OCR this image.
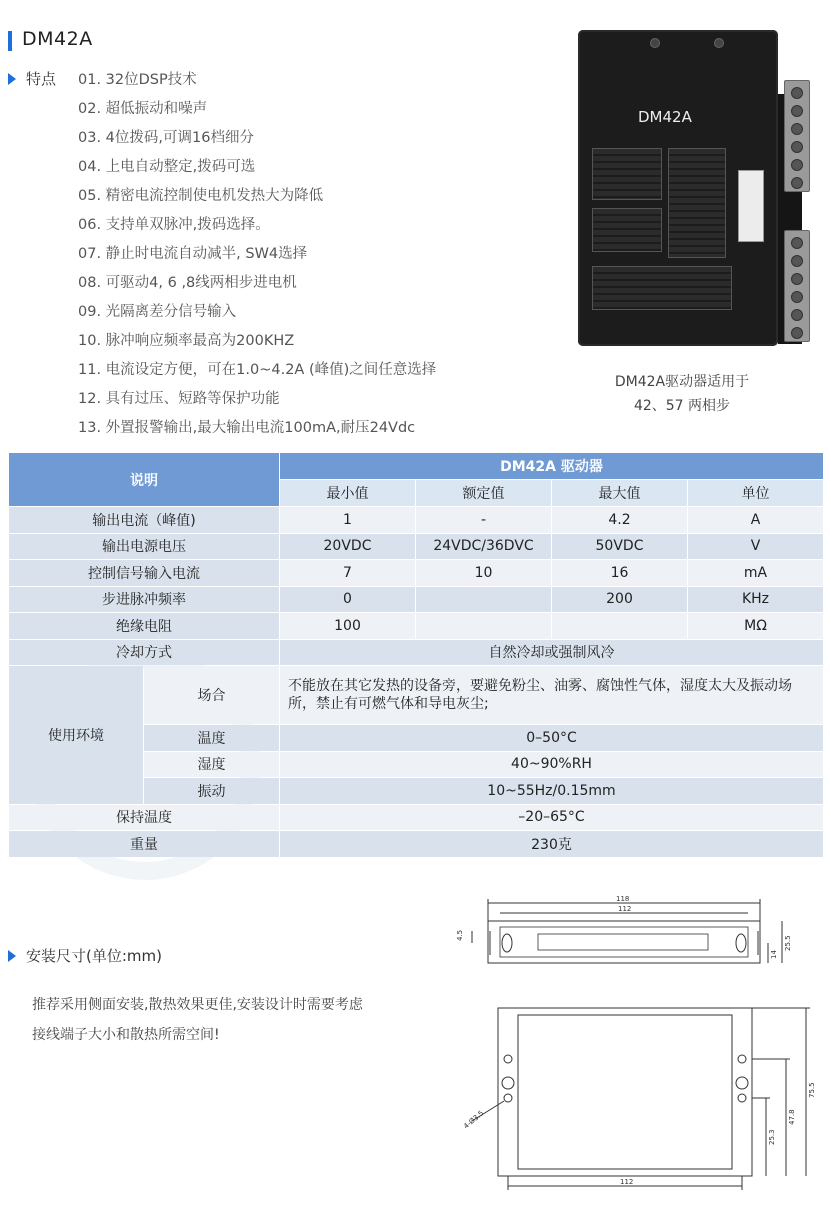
DM42A
特点 01. 32位DSP技术
02. 超低振动和噪声
03. 4位拨码,可调16档细分
04. 上电自动整定,拨码可选
05. 精密电流控制使电机发热大为降低
06. 支持单双脉冲,拨码选择。
07. 静止时电流自动减半, SW4选择
08. 可驱动4, 6 ,8线两相步进电机
09. 光隔离差分信号输入
10. 脉冲响应频率最高为200KHZ
11. 电流设定方便，可在1.0~4.2A (峰值)之间任意选择
12. 具有过压、短路等保护功能
13. 外置报警输出,最大输出电流100mA,耐压24Vdc
DM42A
DM42A驱动器适用于
42、57 两相步
说明		DM42A 驱动器			
		最小值	额定值	最大值	单位
输出电流（峰值)		1	-	4.2	A
输出电源电压		20VDC	24VDC/36DVC	50VDC	V
控制信号输入电流		7	10	16	mA
步进脉冲频率		0		200	KHz
绝缘电阻		100			MΩ
冷却方式		自然冷却或强制风冷			
使用环境	场合	不能放在其它发热的设备旁，要避免粉尘、油雾、腐蚀性气体，湿度太大及振动场所，禁止有可燃气体和导电灰尘;			
	温度	0–50°C			
	湿度	40~90%RH			
	振动	10~55Hz/0.15mm			
保持温度		–20–65°C			
重量		230克			
安装尺寸(单位:mm)
推荐采用侧面安装,散热效果更佳,安装设计时需要考虑接线端子大小和散热所需空间!
118
112
4.5
14
25.5
75.5
47.8
25.3
112
4-Ø3.5
